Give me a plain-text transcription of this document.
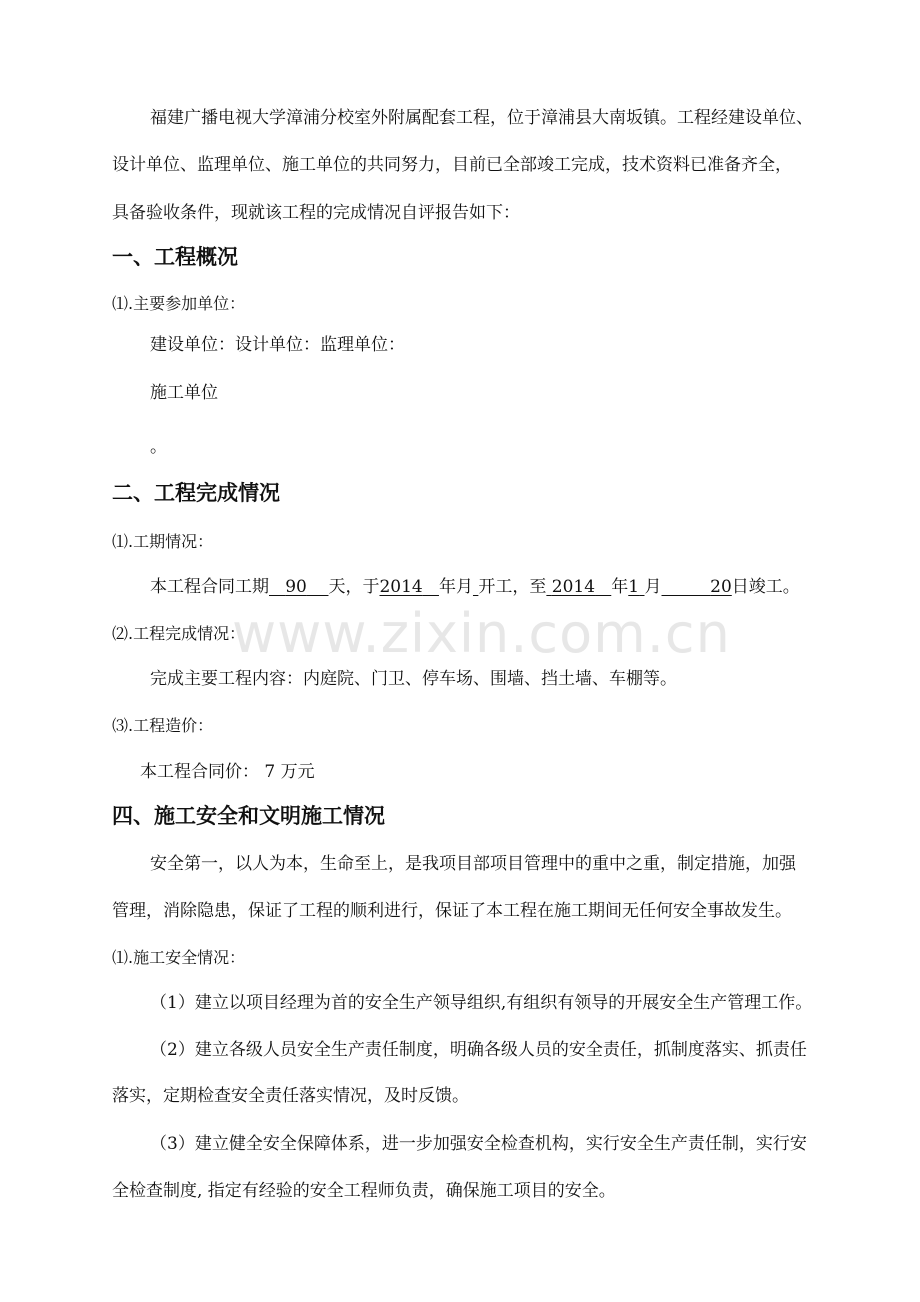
福建广播电视大学漳浦分校室外附属配套工程，位于漳浦县大南坂镇。工程经建设单位、
设计单位、监理单位、施工单位的共同努力，目前已全部竣工完成，技术资料已准备齐全，
具备验收条件，现就该工程的完成情况自评报告如下：
一、工程概况
⑴.主要参加单位：
建设单位：设计单位：监理单位：
施工单位
。
二、工程完成情况
⑴.工期情况：
本工程合同工期 90 天，于2014 年月 开工，至 2014 年1 月	20日竣工。
⑵.工程完成情况：
完成主要工程内容：内庭院、门卫、停车场、围墙、挡土墙、车棚等。
⑶.工程造价：
本工程合同价： 7 万元
四、施工安全和文明施工情况
安全第一，以人为本，生命至上，是我项目部项目管理中的重中之重，制定措施，加强
管理，消除隐患，保证了工程的顺利进行，保证了本工程在施工期间无任何安全事故发生。
⑴.施工安全情况：
（1）建立以项目经理为首的安全生产领导组织,有组织有领导的开展安全生产管理工作。
（2）建立各级人员安全生产责任制度，明确各级人员的安全责任，抓制度落实、抓责任
落实，定期检查安全责任落实情况，及时反馈。
（3）建立健全安全保障体系，进一步加强安全检查机构，实行安全生产责任制，实行安
全检查制度, 指定有经验的安全工程师负责，确保施工项目的安全。
www.zixin.com.cn
